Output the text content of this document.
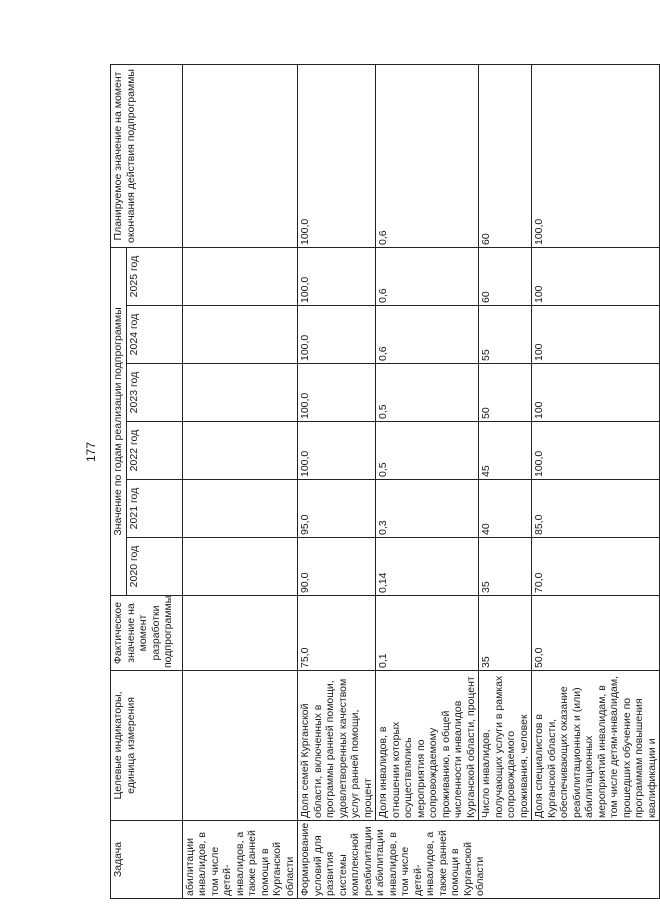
177
Задача	Целевые индикаторы, единица измерения	Фактическое значение на момент разработки подпрограммы	Значение по годам реализации подпрограммы						Планируемое значение на момент окончания действия подпрограммы
			2020 год	2021 год	2022 год	2023 год	2024 год	2025 год	
абилитации инвалидов, в том числе детей-инвалидов, а также ранней помощи в Курганской области									
Формирование условий для развития системы комплексной реабилитации и абилитации инвалидов, в том числе детей-инвалидов, а также ранней помощи в Курганской области	Доля семей Курганской области, включенных в программы ранней помощи, удовлетворенных качеством услуг ранней помощи, процент	75,0	90,0	95,0	100,0	100,0	100,0	100,0	100,0
	Доля инвалидов, в отношении которых осуществлялись мероприятия по сопровождаемому проживанию, в общей численности инвалидов Курганской области, процент	0,1	0,14	0,3	0,5	0,5	0,6	0,6	0,6
	Число инвалидов, получающих услуги в рамках сопровождаемого проживания, человек	35	35	40	45	50	55	60	60
	Доля специалистов в Курганской области, обеспечивающих оказание реабилитационных и (или) абилитационных мероприятий инвалидам, в том числе детям-инвалидам, прошедших обучение по программам повышения квалификации и	50,0	70,0	85,0	100,0	100	100	100	100,0
